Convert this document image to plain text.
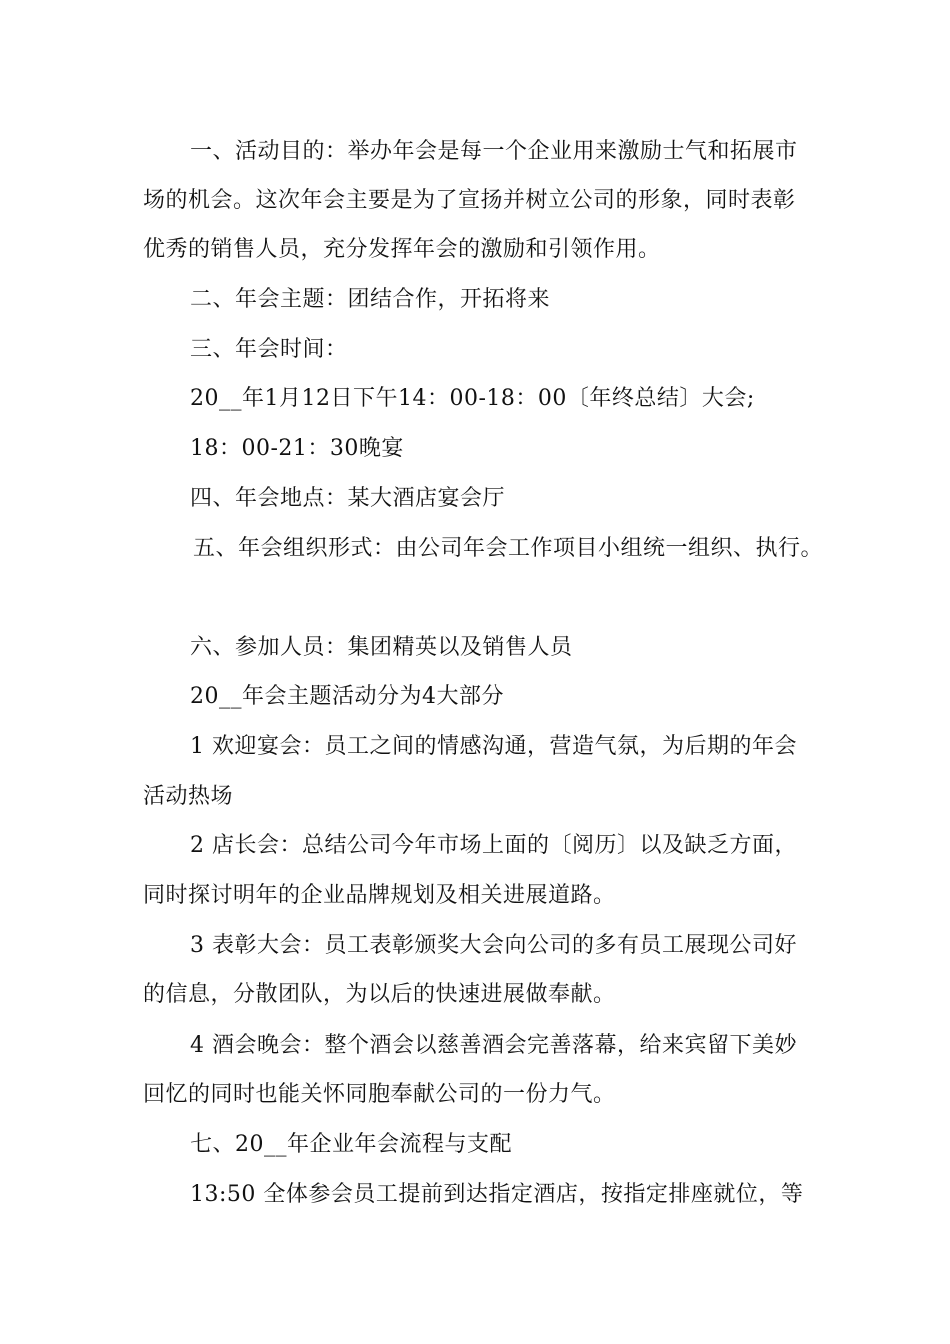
一、活动目的：举办年会是每一个企业用来激励士气和拓展市
场的机会。这次年会主要是为了宣扬并树立公司的形象，同时表彰
优秀的销售人员，充分发挥年会的激励和引领作用。
二、年会主题：团结合作，开拓将来
三、年会时间：
20__年1月12日下午14：00-18：00〔年终总结〕大会;
18：00-21：30晚宴
四、年会地点：某大酒店宴会厅
五、年会组织形式：由公司年会工作项目小组统一组织、执行。
六、参加人员：集团精英以及销售人员
20__年会主题活动分为4大部分
1 欢迎宴会：员工之间的情感沟通，营造气氛，为后期的年会
活动热场
2 店长会：总结公司今年市场上面的〔阅历〕以及缺乏方面，
同时探讨明年的企业品牌规划及相关进展道路。
3 表彰大会：员工表彰颁奖大会向公司的多有员工展现公司好
的信息，分散团队，为以后的快速进展做奉献。
4 酒会晚会：整个酒会以慈善酒会完善落幕，给来宾留下美妙
回忆的同时也能关怀同胞奉献公司的一份力气。
七、20__年企业年会流程与支配
13:50 全体参会员工提前到达指定酒店，按指定排座就位，等
